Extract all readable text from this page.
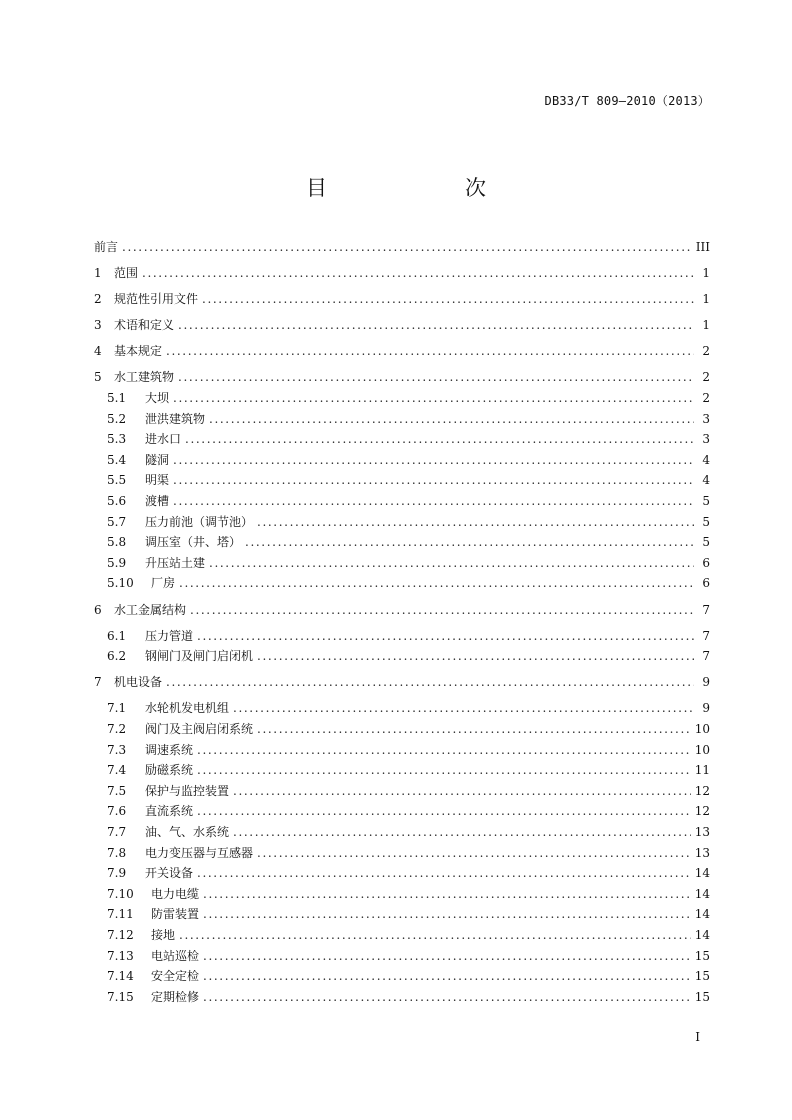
DB33/T 809—2010（2013）
目　　次
前言 . . .	III
1	范围 . . .	1
2	规范性引用文件 . . .	1
3	术语和定义 . . .	1
4	基本规定 . . .	2
5	水工建筑物 . . .	2
5.1	大坝 . . .	2
5.2	泄洪建筑物 . . .	3
5.3	进水口 . . .	3
5.4	隧洞 . . .	4
5.5	明渠 . . .	4
5.6	渡槽 . . .	5
5.7	压力前池（调节池） . . .	5
5.8	调压室（井、塔） . . .	5
5.9	升压站土建 . . .	6
5.10	厂房 . . .	6
6	水工金属结构 . . .	7
6.1	压力管道 . . .	7
6.2	钢闸门及闸门启闭机 . . .	7
7	机电设备 . . .	9
7.1	水轮机发电机组 . . .	9
7.2	阀门及主阀启闭系统 . . .	10
7.3	调速系统 . . .	10
7.4	励磁系统 . . .	11
7.5	保护与监控装置 . . .	12
7.6	直流系统 . . .	12
7.7	油、气、水系统 . . .	13
7.8	电力变压器与互感器 . . .	13
7.9	开关设备 . . .	14
7.10	电力电缆 . . .	14
7.11	防雷装置 . . .	14
7.12	接地 . . .	14
7.13	电站巡检 . . .	15
7.14	安全定检 . . .	15
7.15	定期检修 . . .	15
I
